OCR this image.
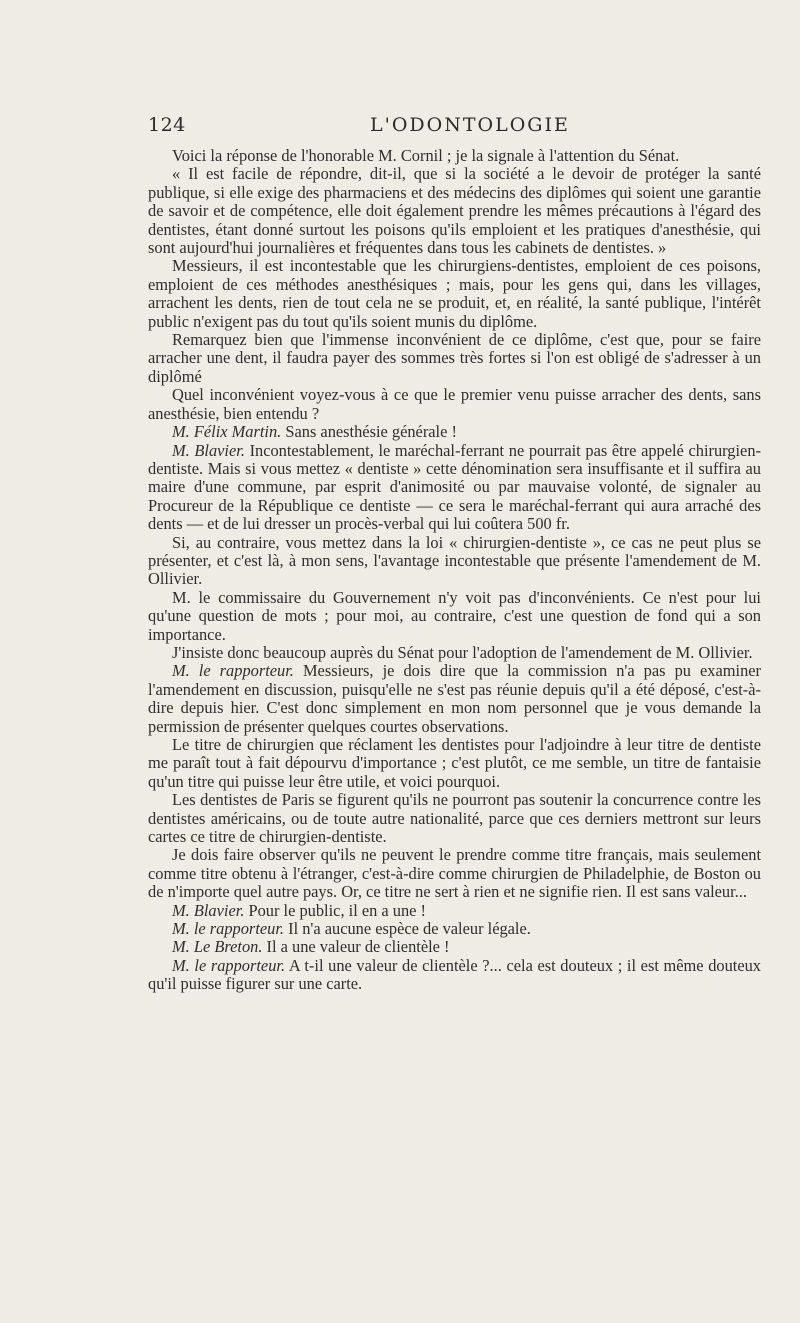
124	L'ODONTOLOGIE

Voici la réponse de l'honorable M. Cornil ; je la signale à l'attention du Sénat.

« Il est facile de répondre, dit-il, que si la société a le devoir de protéger la santé publique, si elle exige des pharmaciens et des médecins des diplômes qui soient une garantie de savoir et de compétence, elle doit également prendre les mêmes précautions à l'égard des dentistes, étant donné surtout les poisons qu'ils emploient et les pratiques d'anesthésie, qui sont aujourd'hui journalières et fréquentes dans tous les cabinets de dentistes. »

Messieurs, il est incontestable que les chirurgiens-dentistes, emploient de ces poisons, emploient de ces méthodes anesthésiques ; mais, pour les gens qui, dans les villages, arrachent les dents, rien de tout cela ne se produit, et, en réalité, la santé publique, l'intérêt public n'exigent pas du tout qu'ils soient munis du diplôme.

Remarquez bien que l'immense inconvénient de ce diplôme, c'est que, pour se faire arracher une dent, il faudra payer des sommes très fortes si l'on est obligé de s'adresser à un diplômé

Quel inconvénient voyez-vous à ce que le premier venu puisse arracher des dents, sans anesthésie, bien entendu ?

M. Félix Martin. Sans anesthésie générale !

M. Blavier. Incontestablement, le maréchal-ferrant ne pourrait pas être appelé chirurgien-dentiste. Mais si vous mettez « dentiste » cette dénomination sera insuffisante et il suffira au maire d'une commune, par esprit d'animosité ou par mauvaise volonté, de signaler au Procureur de la République ce dentiste — ce sera le maréchal-ferrant qui aura arraché des dents — et de lui dresser un procès-verbal qui lui coûtera 500 fr.

Si, au contraire, vous mettez dans la loi « chirurgien-dentiste », ce cas ne peut plus se présenter, et c'est là, à mon sens, l'avantage incontestable que présente l'amendement de M. Ollivier.

M. le commissaire du Gouvernement n'y voit pas d'inconvénients. Ce n'est pour lui qu'une question de mots ; pour moi, au contraire, c'est une question de fond qui a son importance.

J'insiste donc beaucoup auprès du Sénat pour l'adoption de l'amendement de M. Ollivier.

M. le rapporteur. Messieurs, je dois dire que la commission n'a pas pu examiner l'amendement en discussion, puisqu'elle ne s'est pas réunie depuis qu'il a été déposé, c'est-à-dire depuis hier. C'est donc simplement en mon nom personnel que je vous demande la permission de présenter quelques courtes observations.

Le titre de chirurgien que réclament les dentistes pour l'adjoindre à leur titre de dentiste me paraît tout à fait dépourvu d'importance ; c'est plutôt, ce me semble, un titre de fantaisie qu'un titre qui puisse leur être utile, et voici pourquoi.

Les dentistes de Paris se figurent qu'ils ne pourront pas soutenir la concurrence contre les dentistes américains, ou de toute autre nationalité, parce que ces derniers mettront sur leurs cartes ce titre de chirurgien-dentiste.

Je dois faire observer qu'ils ne peuvent le prendre comme titre français, mais seulement comme titre obtenu à l'étranger, c'est-à-dire comme chirurgien de Philadelphie, de Boston ou de n'importe quel autre pays. Or, ce titre ne sert à rien et ne signifie rien. Il est sans valeur...

M. Blavier. Pour le public, il en a une !

M. le rapporteur. Il n'a aucune espèce de valeur légale.

M. Le Breton. Il a une valeur de clientèle !

M. le rapporteur. A t-il une valeur de clientèle ?... cela est douteux ; il est même douteux qu'il puisse figurer sur une carte.
